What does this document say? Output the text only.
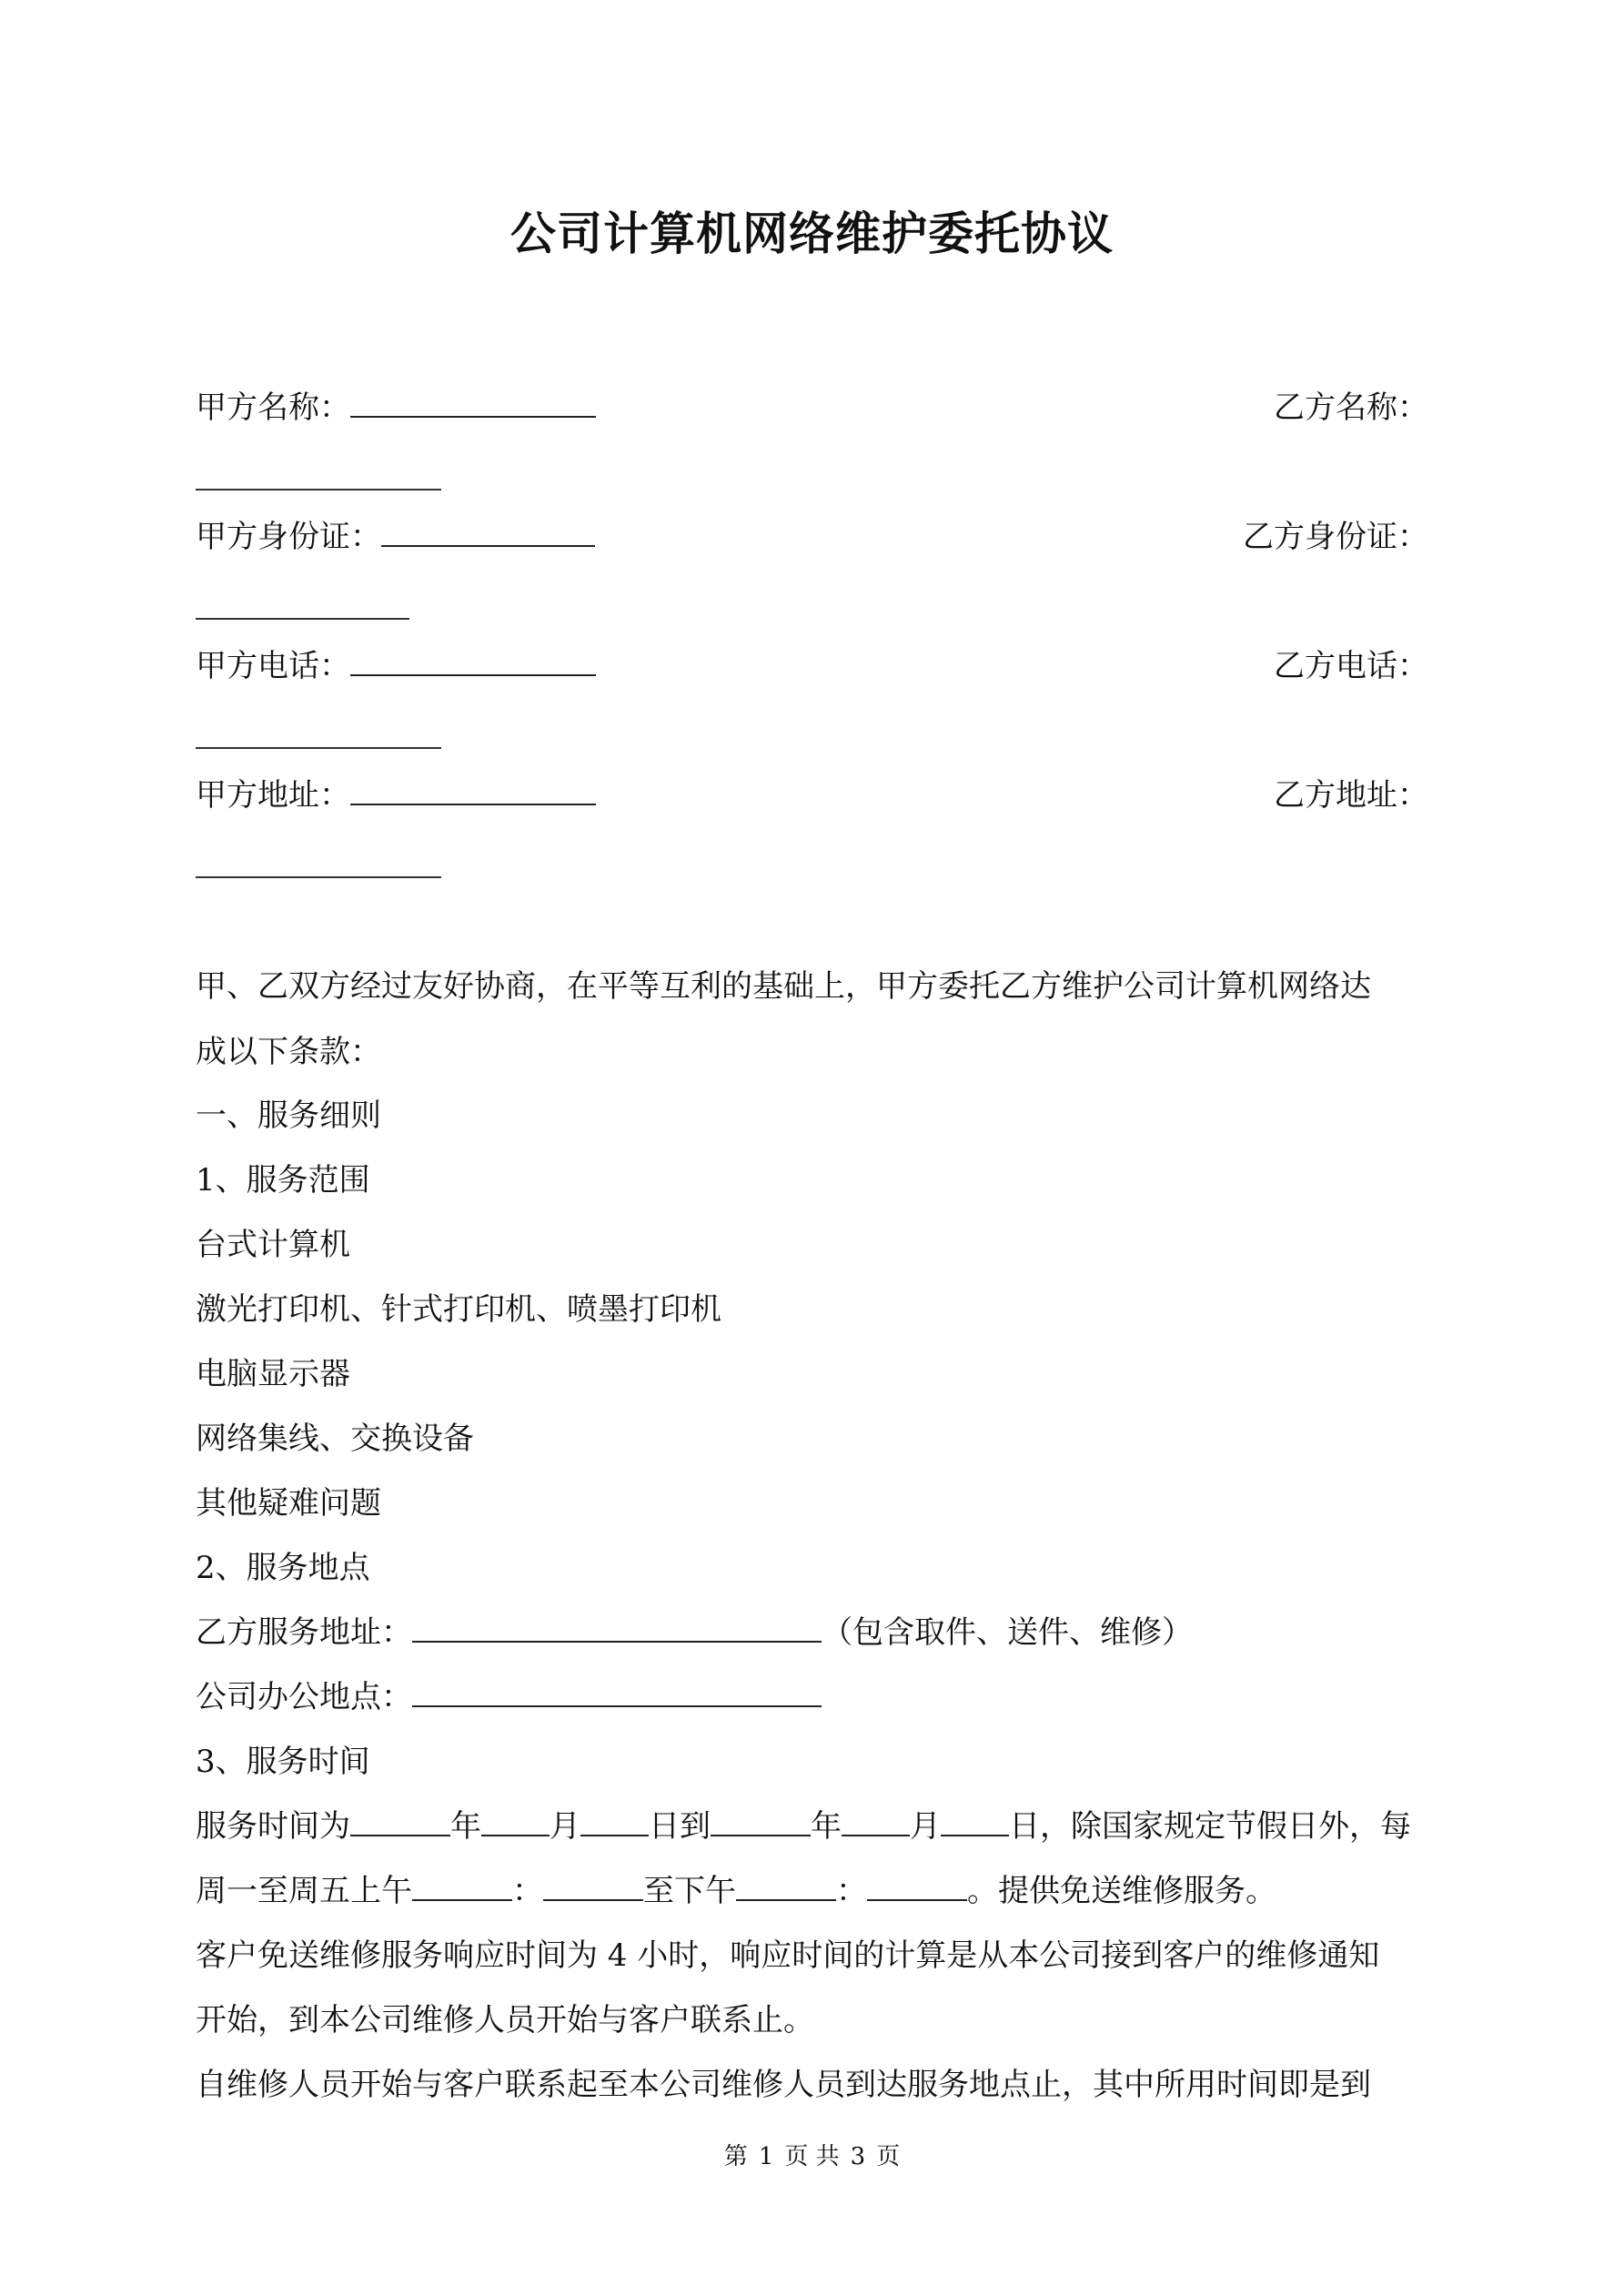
公司计算机网络维护委托协议
甲方名称：	乙方名称：
甲方身份证：	乙方身份证：
甲方电话：	乙方电话：
甲方地址：	乙方地址：
甲、乙双方经过友好协商，在平等互利的基础上，甲方委托乙方维护公司计算机网络达
成以下条款：
一、服务细则
1、服务范围
台式计算机
激光打印机、针式打印机、喷墨打印机
电脑显示器
网络集线、交换设备
其他疑难问题
2、服务地点
乙方服务地址：	（包含取件、送件、维修）
公司办公地点：
3、服务时间
服务时间为	年 月 日到	年 月 日，除国家规定节假日外，每
周一至周五上午	：	至下午	：	。提供免送维修服务。
客户免送维修服务响应时间为 4 小时，响应时间的计算是从本公司接到客户的维修通知
开始，到本公司维修人员开始与客户联系止。
自维修人员开始与客户联系起至本公司维修人员到达服务地点止，其中所用时间即是到
第 1 页 共 3 页
